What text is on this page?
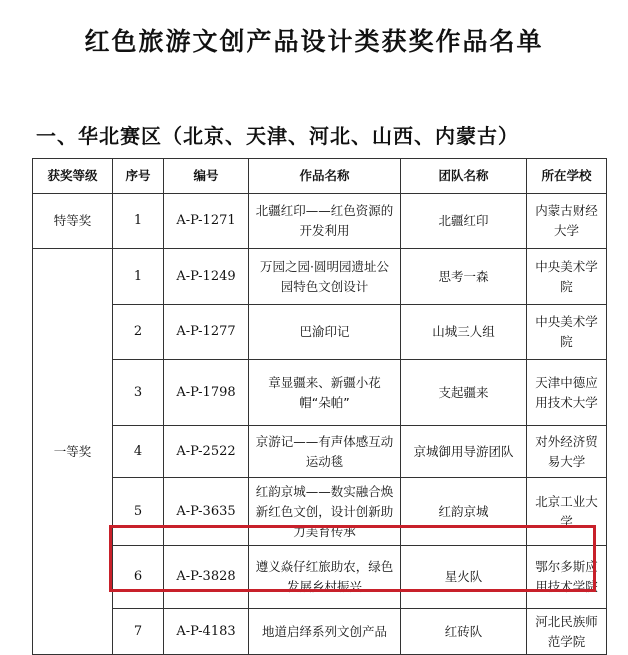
红色旅游文创产品设计类获奖作品名单
一、华北赛区（北京、天津、河北、山西、内蒙古）
获奖等级	序号	编号	作品名称	团队名称	所在学校
特等奖	1	A-P-1271	北疆红印——红色资源的开发利用	北疆红印	内蒙古财经大学
一等奖	1	A-P-1249	万园之园·圆明园遗址公园特色文创设计	思考一森	中央美术学院
	2	A-P-1277	巴渝印记	山城三人组	中央美术学院
	3	A-P-1798	章显疆来、新疆小花帽“朵帕”	支起疆来	天津中德应用技术大学
	4	A-P-2522	京游记——有声体感互动运动毯	京城御用导游团队	对外经济贸易大学
	5	A-P-3635	红韵京城——数实融合焕新红色文创，设计创新助力美育传承	红韵京城	北京工业大学
	6	A-P-3828	遵义焱仔红旅助农，绿色发展乡村振兴	星火队	鄂尔多斯应用技术学院
	7	A-P-4183	地道启绎系列文创产品	红砖队	河北民族师范学院
